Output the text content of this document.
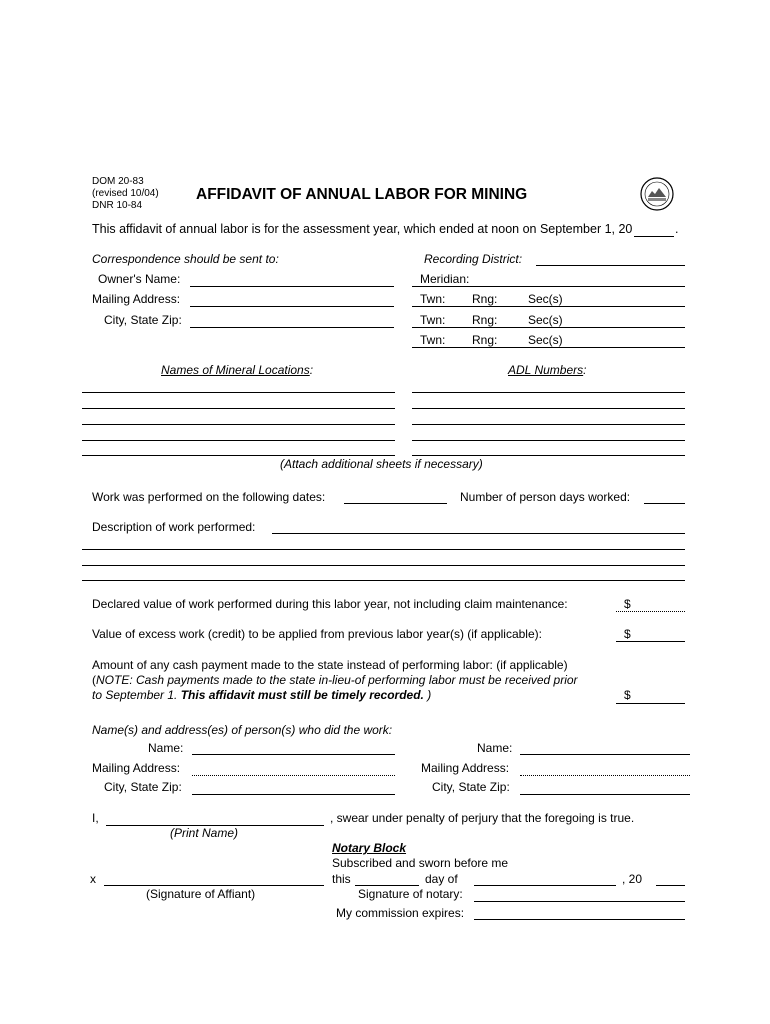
DOM 20-83
(revised 10/04)
DNR 10-84
AFFIDAVIT OF ANNUAL LABOR FOR MINING
This affidavit of annual labor is for the assessment year, which ended at noon on September 1, 20	.
Correspondence should be sent to:
Owner's Name:
Mailing Address:
City, State Zip:
Recording District:
Meridian:
Twn: Rng:	Sec(s)
Twn: Rng:	Sec(s)
Twn: Rng:	Sec(s)
Names of Mineral Locations:	ADL Numbers:
(Attach additional sheets if necessary)
Work was performed on the following dates:	Number of person days worked:
Description of work performed:
Declared value of work performed during this labor year, not including claim maintenance:	$
Value of excess work (credit) to be applied from previous labor year(s) (if applicable):	$
Amount of any cash payment made to the state instead of performing labor: (if applicable)
(NOTE: Cash payments made to the state in-lieu-of performing labor must be received prior
to September 1. This affidavit must still be timely recorded. )	$
Name(s) and address(es) of person(s) who did the work:
Name:
Mailing Address:
City, State Zip:
Name:
Mailing Address:
City, State Zip:
I,	, swear under penalty of perjury that the foregoing is true.
(Print Name)
x
(Signature of Affiant)
Notary Block
Subscribed and sworn before me
this	day of	, 20
Signature of notary:
My commission expires:
